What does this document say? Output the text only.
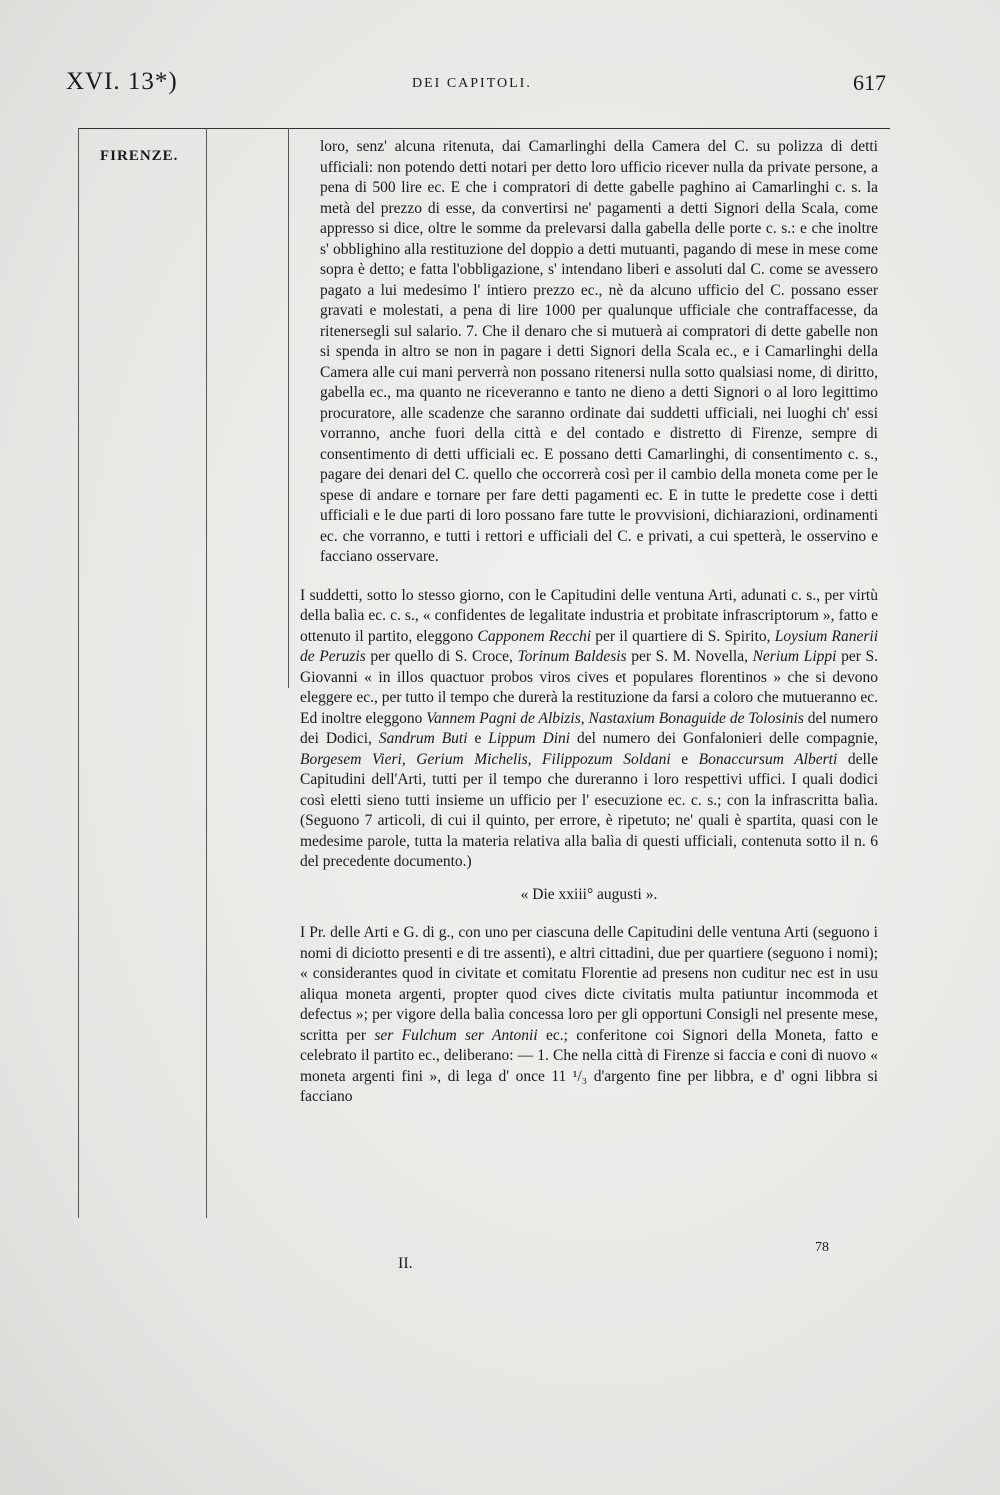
XVI. 13*)	DEI CAPITOLI.	617
FIRENZE.

loro, senz' alcuna ritenuta, dai Camarlinghi della Camera del C. su polizza di detti ufficiali: non potendo detti notari per detto loro ufficio ricever nulla da private persone, a pena di 500 lire ec. E che i compratori di dette gabelle paghino ai Camarlinghi c. s. la metà del prezzo di esse, da convertirsi ne' pagamenti a detti Signori della Scala, come appresso si dice, oltre le somme da prelevarsi dalla gabella delle porte c. s.: e che inoltre s' obblighino alla restituzione del doppio a detti mutuanti, pagando di mese in mese come sopra è detto; e fatta l'obbligazione, s' intendano liberi e assoluti dal C. come se avessero pagato a lui medesimo l' intiero prezzo ec., nè da alcuno ufficio del C. possano esser gravati e molestati, a pena di lire 1000 per qualunque ufficiale che contraffacesse, da ritenersegli sul salario. 7. Che il denaro che si mutuerà ai compratori di dette gabelle non si spenda in altro se non in pagare i detti Signori della Scala ec., e i Camarlinghi della Camera alle cui mani perverrà non possano ritenersi nulla sotto qualsiasi nome, di diritto, gabella ec., ma quanto ne riceveranno e tanto ne dieno a detti Signori o al loro legittimo procuratore, alle scadenze che saranno ordinate dai suddetti ufficiali, nei luoghi ch' essi vorranno, anche fuori della città e del contado e distretto di Firenze, sempre di consentimento di detti ufficiali ec. E possano detti Camarlinghi, di consentimento c. s., pagare dei denari del C. quello che occorrerà così per il cambio della moneta come per le spese di andare e tornare per fare detti pagamenti ec. E in tutte le predette cose i detti ufficiali e le due parti di loro possano fare tutte le provvisioni, dichiarazioni, ordinamenti ec. che vorranno, e tutti i rettori e ufficiali del C. e privati, a cui spetterà, le osservino e facciano osservare.

I suddetti, sotto lo stesso giorno, con le Capitudini delle ventuna Arti, adunati c. s., per virtù della balìa ec. c. s., « confidentes de legalitate industria et probitate infrascriptorum », fatto e ottenuto il partito, eleggono Capponem Recchi per il quartiere di S. Spirito, Loysium Ranerii de Peruzis per quello di S. Croce, Torinum Baldesis per S. M. Novella, Nerium Lippi per S. Giovanni « in illos quactuor probos viros cives et populares florentinos » che si devono eleggere ec., per tutto il tempo che durerà la restituzione da farsi a coloro che mutueranno ec. Ed inoltre eleggono Vannem Pagni de Albizis, Nastaxium Bonaguide de Tolosinis del numero dei Dodici, Sandrum Buti e Lippum Dini del numero dei Gonfalonieri delle compagnie, Borgesem Vieri, Gerium Michelis, Filippozum Soldani e Bonaccursum Alberti delle Capitudini dell'Arti, tutti per il tempo che dureranno i loro respettivi uffici. I quali dodici così eletti sieno tutti insieme un ufficio per l' esecuzione ec. c. s.; con la infrascritta balìa. (Seguono 7 articoli, di cui il quinto, per errore, è ripetuto; ne' quali è spartita, quasi con le medesime parole, tutta la materia relativa alla balìa di questi ufficiali, contenuta sotto il n. 6 del precedente documento.)

« Die xxiii° augusti ».

I Pr. delle Arti e G. di g., con uno per ciascuna delle Capitudini delle ventuna Arti (seguono i nomi di diciotto presenti e di tre assenti), e altri cittadini, due per quartiere (seguono i nomi); « considerantes quod in civitate et comitatu Florentie ad presens non cuditur nec est in usu aliqua moneta argenti, propter quod cives dicte civitatis multa patiuntur incommoda et defectus »; per vigore della balìa concessa loro per gli opportuni Consigli nel presente mese, scritta per ser Fulchum ser Antonii ec.; conferitone coi Signori della Moneta, fatto e celebrato il partito ec., deliberano: — 1. Che nella città di Firenze si faccia e coni di nuovo « moneta argenti fini », di lega d' once 11 ¹/₃ d'argento fine per libbra, e d' ogni libbra si facciano

II.
78
